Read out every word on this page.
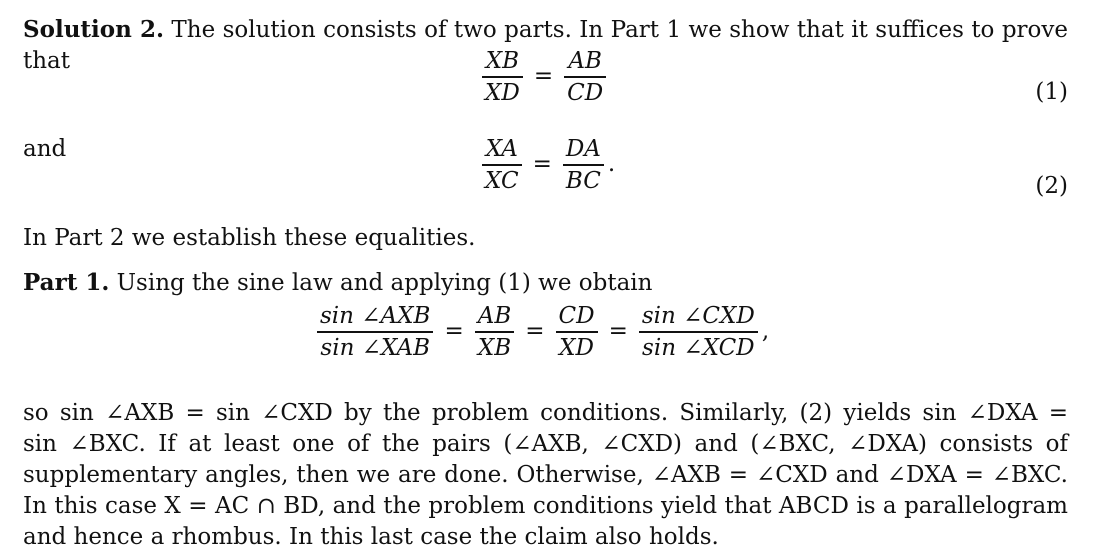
Solution 2. The solution consists of two parts. In Part 1 we show that it suffices to prove
that	$\frac{XB}{XD} = \frac{AB}{CD}$	(1)
and	$\frac{XA}{XC} = \frac{DA}{BC}$ .
(2)
In Part 2 we establish these equalities.
Part 1. Using the sine law and applying (1) we obtain
$\frac{\text{sin ∠AXB}}{\text{sin ∠XAB}} = \frac{AB}{XB} = \frac{CD}{XD} = \frac{\text{sin ∠CXD}}{\text{sin ∠XCD}}$ ,
so sin ∠AXB = sin ∠CXD by the problem conditions. Similarly, (2) yields sin ∠DXA =
sin ∠BXC. If at least one of the pairs (∠AXB, ∠CXD) and (∠BXC, ∠DXA) consists of
supplementary angles, then we are done. Otherwise, ∠AXB = ∠CXD and ∠DXA = ∠BXC.
In this case X = AC ∩ BD, and the problem conditions yield that ABCD is a parallelogram
and hence a rhombus. In this last case the claim also holds.
